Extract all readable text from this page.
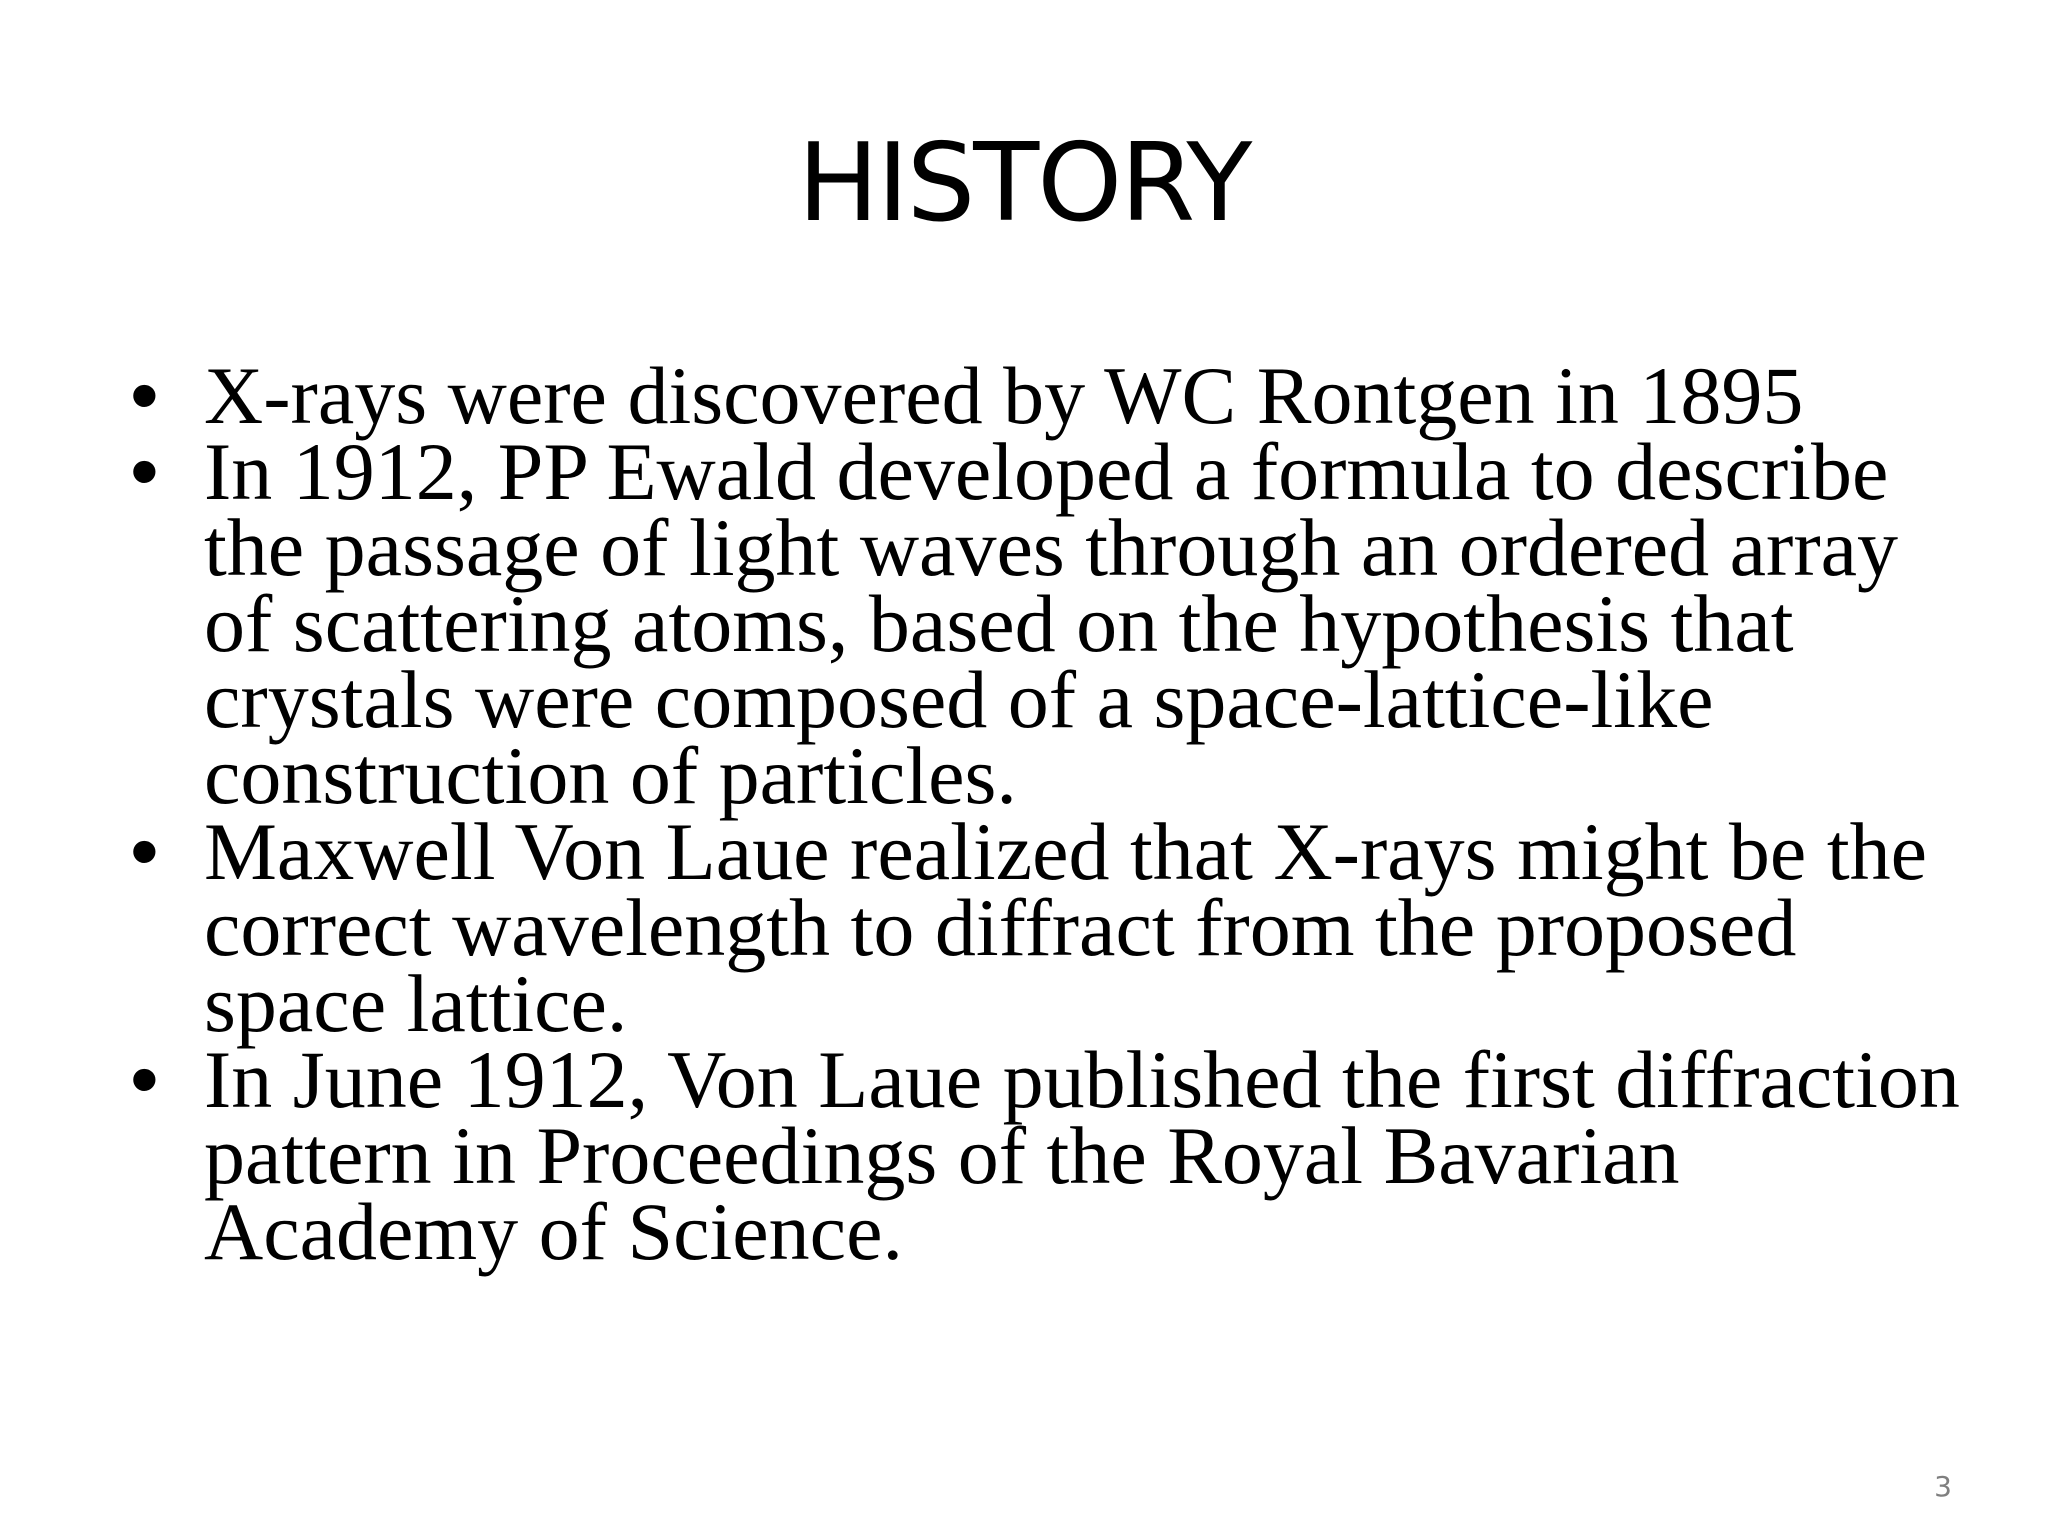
HISTORY
• X-rays were discovered by WC Rontgen in 1895
• In 1912, PP Ewald developed a formula to describe the passage of light waves through an ordered array of scattering atoms, based on the hypothesis that crystals were composed of a space-lattice-like construction of particles.
• Maxwell Von Laue realized that X-rays might be the correct wavelength to diffract from the proposed space lattice.
• In June 1912, Von Laue published the first diffraction pattern in Proceedings of the Royal Bavarian Academy of Science.
3
